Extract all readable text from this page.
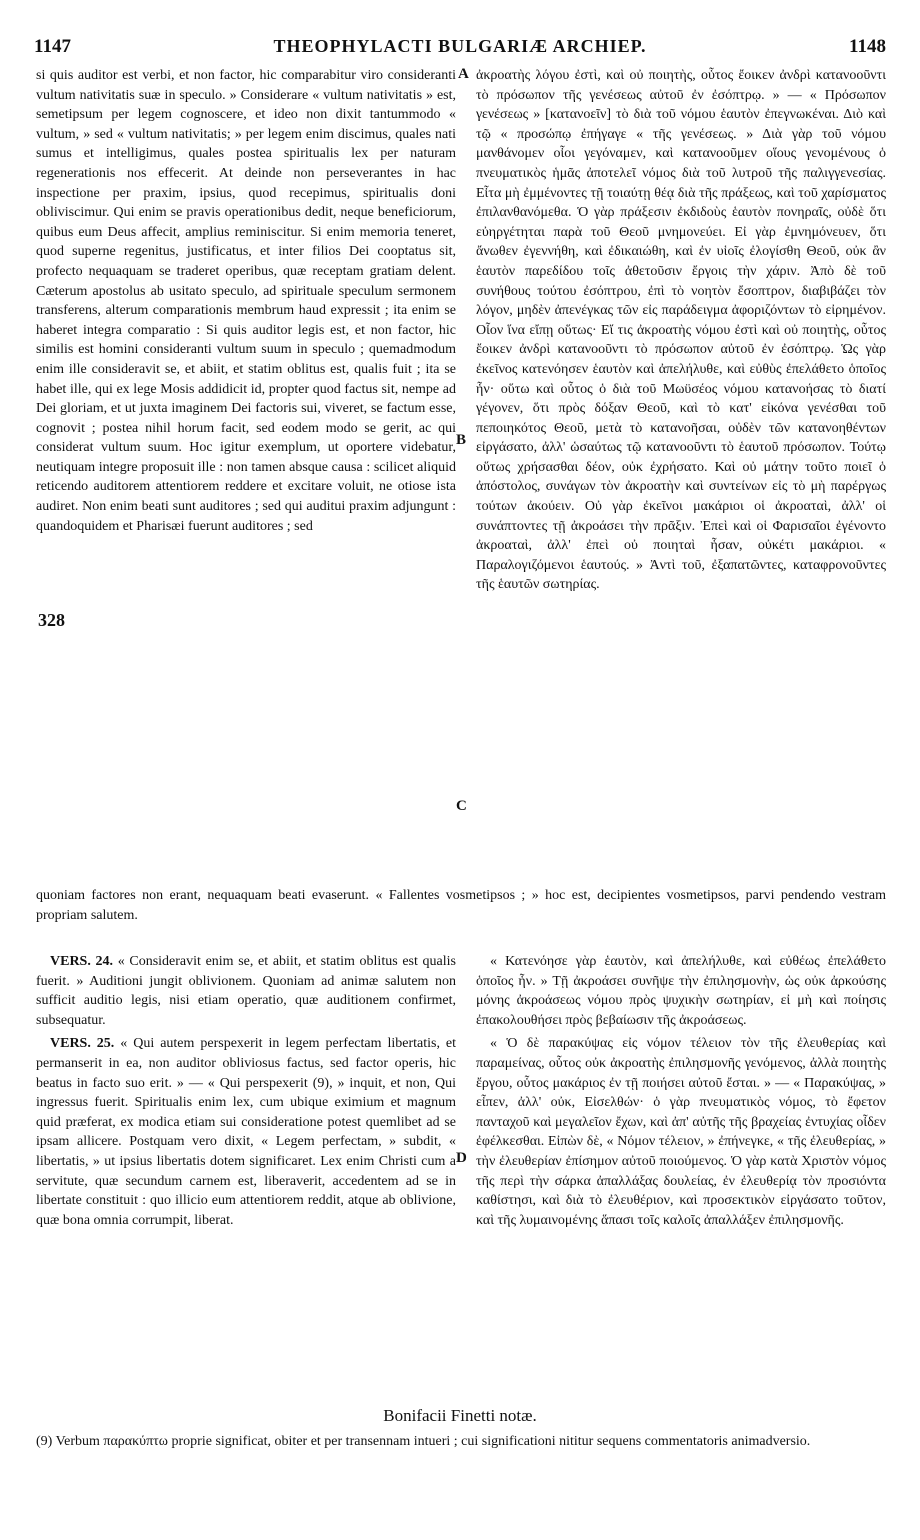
1147	THEOPHYLACTI BULGARIÆ ARCHIEP.	1148
A
B
C
D
328

si quis auditor est verbi, et non factor, hic comparabitur viro consideranti vultum nativitatis suæ in speculo. » Considerare « vultum nativitatis » est, semetipsum per legem cognoscere, et ideo non dixit tantummodo « vultum, » sed « vultum nativitatis; » per legem enim discimus, quales nati sumus et intelligimus, quales postea spiritualis lex per naturam regenerationis nos effecerit. At deinde non perseverantes in hac inspectione per praxim, ipsius, quod recepimus, spiritualis doni obliviscimur. Qui enim se pravis operationibus dedit, neque beneficiorum, quibus eum Deus affecit, amplius reminiscitur. Si enim memoria teneret, quod superne regenitus, justificatus, et inter filios Dei cooptatus sit, profecto nequaquam se traderet operibus, quæ receptam gratiam delent. Cæterum apostolus ab usitato speculo, ad spirituale speculum sermonem transferens, alterum comparationis membrum haud expressit ; ita enim se haberet integra comparatio : Si quis auditor legis est, et non factor, hic similis est homini consideranti vultum suum in speculo ; quemadmodum enim ille consideravit se, et abiit, et statim oblitus est, qualis fuit ; ita se habet ille, qui ex lege Mosis addidicit id, propter quod factus sit, nempe ad Dei gloriam, et ut juxta imaginem Dei factoris sui, viveret, se factum esse, cognovit ; postea nihil horum facit, sed eodem modo se gerit, ac qui considerat vultum suum. Hoc igitur exemplum, ut oportere videbatur, neutiquam integre proposuit ille : non tamen absque causa : scilicet aliquid reticendo auditorem attentiorem reddere et excitare voluit, ne otiose ista audiret. Non enim beati sunt auditores ; sed qui auditui praxim adjungunt : quandoquidem et Pharisæi fuerunt auditores ; sed

ἀκροατὴς λόγου ἐστὶ, καὶ οὐ ποιητὴς, οὗτος ἔοικεν ἀνδρὶ κατανοοῦντι τὸ πρόσωπον τῆς γενέσεως αὐτοῦ ἐν ἐσόπτρῳ. » — « Πρόσωπον γενέσεως » [κατανοεῖν] τὸ διὰ τοῦ νόμου ἑαυτὸν ἐπεγνωκέναι. Διὸ καὶ τῷ « προσώπῳ ἐπήγαγε « τῆς γενέσεως. » Διὰ γὰρ τοῦ νόμου μανθάνομεν οἷοι γεγόναμεν, καὶ κατανοοῦμεν οἵους γενομένους ὁ πνευματικὸς ἡμᾶς ἀποτελεῖ νόμος διὰ τοῦ λυτροῦ τῆς παλιγγενεσίας. Εἶτα μὴ ἐμμένοντες τῇ τοιαύτῃ θέᾳ διὰ τῆς πράξεως, καὶ τοῦ χαρίσματος ἐπιλανθανόμεθα. Ὁ γὰρ πράξεσιν ἐκδιδοὺς ἑαυτὸν πονηραῖς, οὐδὲ ὅτι εὐηργέτηται παρὰ τοῦ Θεοῦ μνημονεύει. Εἰ γὰρ ἐμνημόνευεν, ὅτι ἄνωθεν ἐγεννήθη, καὶ ἐδικαιώθη, καὶ ἐν υἱοῖς ἐλογίσθη Θεοῦ, οὐκ ἂν ἑαυτὸν παρεδίδου τοῖς ἀθετοῦσιν ἔργοις τὴν χάριν. Ἀπὸ δὲ τοῦ συνήθους τούτου ἐσόπτρου, ἐπὶ τὸ νοητὸν ἔσοπτρον, διαβιβάζει τὸν λόγον, μηδὲν ἀπενέγκας τῶν εἰς παράδειγμα ἀφοριζόντων τὸ εἰρημένον. Οἷον ἵνα εἴπῃ οὕτως· Εἴ τις ἀκροατὴς νόμου ἐστὶ καὶ οὐ ποιητὴς, οὗτος ἔοικεν ἀνδρὶ κατανοοῦντι τὸ πρόσωπον αὐτοῦ ἐν ἐσόπτρῳ. Ὡς γὰρ ἐκεῖνος κατενόησεν ἑαυτὸν καὶ ἀπελήλυθε, καὶ εὐθὺς ἐπελάθετο ὁποῖος ἦν· οὕτω καὶ οὗτος ὁ διὰ τοῦ Μωϋσέος νόμου κατανοήσας τὸ διατί γέγονεν, ὅτι πρὸς δόξαν Θεοῦ, καὶ τὸ κατ' εἰκόνα γενέσθαι τοῦ πεποιηκότος Θεοῦ, μετὰ τὸ κατανοῆσαι, οὐδὲν τῶν κατανοηθέντων εἰργάσατο, ἀλλ' ὡσαύτως τῷ κατανοοῦντι τὸ ἑαυτοῦ πρόσωπον. Τούτῳ οὕτως χρήσασθαι δέον, οὐκ ἐχρήσατο. Καὶ οὐ μάτην τοῦτο ποιεῖ ὁ ἀπόστολος, συνάγων τὸν ἀκροατὴν καὶ συντείνων εἰς τὸ μὴ παρέργως τούτων ἀκούειν. Οὐ γὰρ ἐκεῖνοι μακάριοι οἱ ἀκροαταὶ, ἀλλ' οἱ συνάπτοντες τῇ ἀκροάσει τὴν πρᾶξιν. Ἐπεὶ καὶ οἱ Φαρισαῖοι ἐγένοντο ἀκροαταὶ, ἀλλ' ἐπεὶ οὐ ποιηταὶ ἦσαν, οὐκέτι μακάριοι. « Παραλογιζόμενοι ἑαυτούς. » Ἀντὶ τοῦ, ἐξαπατῶντες, καταφρονοῦντες τῆς ἑαυτῶν σωτηρίας.

quoniam factores non erant, nequaquam beati evaserunt. « Fallentes vosmetipsos ; » hoc est, decipientes vosmetipsos, parvi pendendo vestram propriam salutem.

VERS. 24. « Consideravit enim se, et abiit, et statim oblitus est qualis fuerit. » Auditioni jungit oblivionem. Quoniam ad animæ salutem non sufficit auditio legis, nisi etiam operatio, quæ auditionem confirmet, subsequatur.

VERS. 25. « Qui autem perspexerit in legem perfectam libertatis, et permanserit in ea, non auditor obliviosus factus, sed factor operis, hic beatus in facto suo erit. » — « Qui perspexerit (9), » inquit, et non, Qui ingressus fuerit. Spiritualis enim lex, cum ubique eximium et magnum quid præferat, ex modica etiam sui consideratione potest quemlibet ad se ipsam allicere. Postquam vero dixit, « Legem perfectam, » subdit, « libertatis, » ut ipsius libertatis dotem significaret. Lex enim Christi cum a servitute, quæ secundum carnem est, liberaverit, accedentem ad se in libertate constituit : quo illicio eum attentiorem reddit, atque ab oblivione, quæ bona omnia corrumpit, liberat.

« Κατενόησε γὰρ ἑαυτὸν, καὶ ἀπελήλυθε, καὶ εὐθέως ἐπελάθετο ὁποῖος ἦν. » Τῇ ἀκροάσει συνῆψε τὴν ἐπιλησμονὴν, ὡς οὐκ ἀρκούσης μόνης ἀκροάσεως νόμου πρὸς ψυχικὴν σωτηρίαν, εἰ μὴ καὶ ποίησις ἐπακολουθήσει πρὸς βεβαίωσιν τῆς ἀκροάσεως.

« Ὁ δὲ παρακύψας εἰς νόμον τέλειον τὸν τῆς ἐλευθερίας καὶ παραμείνας, οὗτος οὐκ ἀκροατὴς ἐπιλησμονῆς γενόμενος, ἀλλὰ ποιητὴς ἔργου, οὗτος μακάριος ἐν τῇ ποιήσει αὐτοῦ ἔσται. » — « Παρακύψας, » εἶπεν, ἀλλ' οὐκ, Εἰσελθών· ὁ γὰρ πνευματικὸς νόμος, τὸ ἔφετον πανταχοῦ καὶ μεγαλεῖον ἔχων, καὶ ἀπ' αὐτῆς τῆς βραχείας ἐντυχίας οἶδεν ἐφέλκεσθαι. Εἰπὼν δὲ, « Νόμον τέλειον, » ἐπήνεγκε, « τῆς ἐλευθερίας, » τὴν ἐλευθερίαν ἐπίσημον αὐτοῦ ποιούμενος. Ὁ γὰρ κατὰ Χριστὸν νόμος τῆς περὶ τὴν σάρκα ἀπαλλάξας δουλείας, ἐν ἐλευθερίᾳ τὸν προσιόντα καθίστησι, καὶ διὰ τὸ ἐλευθέριον, καὶ προσεκτικὸν εἰργάσατο τοῦτον, καὶ τῆς λυμαινομένης ἅπασι τοῖς καλοῖς ἀπαλλάξεν ἐπιλησμονῆς.

Bonifacii Finetti notæ.
(9) Verbum παρακύπτω proprie significat, obiter et per transennam intueri ; cui significationi nititur sequens commentatoris animadversio.
